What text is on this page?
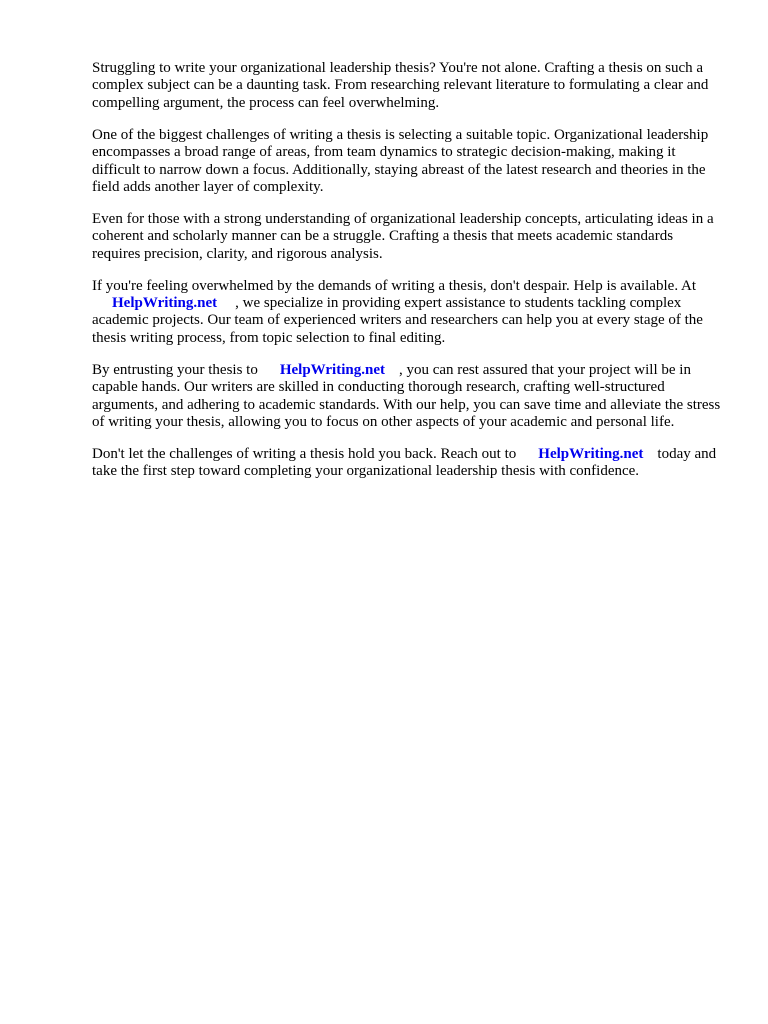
Struggling to write your organizational leadership thesis? You're not alone. Crafting a thesis on such a complex subject can be a daunting task. From researching relevant literature to formulating a clear and compelling argument, the process can feel overwhelming.

One of the biggest challenges of writing a thesis is selecting a suitable topic. Organizational leadership encompasses a broad range of areas, from team dynamics to strategic decision-making, making it difficult to narrow down a focus. Additionally, staying abreast of the latest research and theories in the field adds another layer of complexity.

Even for those with a strong understanding of organizational leadership concepts, articulating ideas in a coherent and scholarly manner can be a struggle. Crafting a thesis that meets academic standards requires precision, clarity, and rigorous analysis.

If you're feeling overwhelmed by the demands of writing a thesis, don't despair. Help is available. At
HelpWriting.net , we specialize in providing expert assistance to students tackling complex academic projects. Our team of experienced writers and researchers can help you at every stage of the thesis writing process, from topic selection to final editing.

By entrusting your thesis to HelpWriting.net , you can rest assured that your project will be in capable hands. Our writers are skilled in conducting thorough research, crafting well-structured arguments, and adhering to academic standards. With our help, you can save time and alleviate the stress of writing your thesis, allowing you to focus on other aspects of your academic and personal life.

Don't let the challenges of writing a thesis hold you back. Reach out to HelpWriting.net today and take the first step toward completing your organizational leadership thesis with confidence.
